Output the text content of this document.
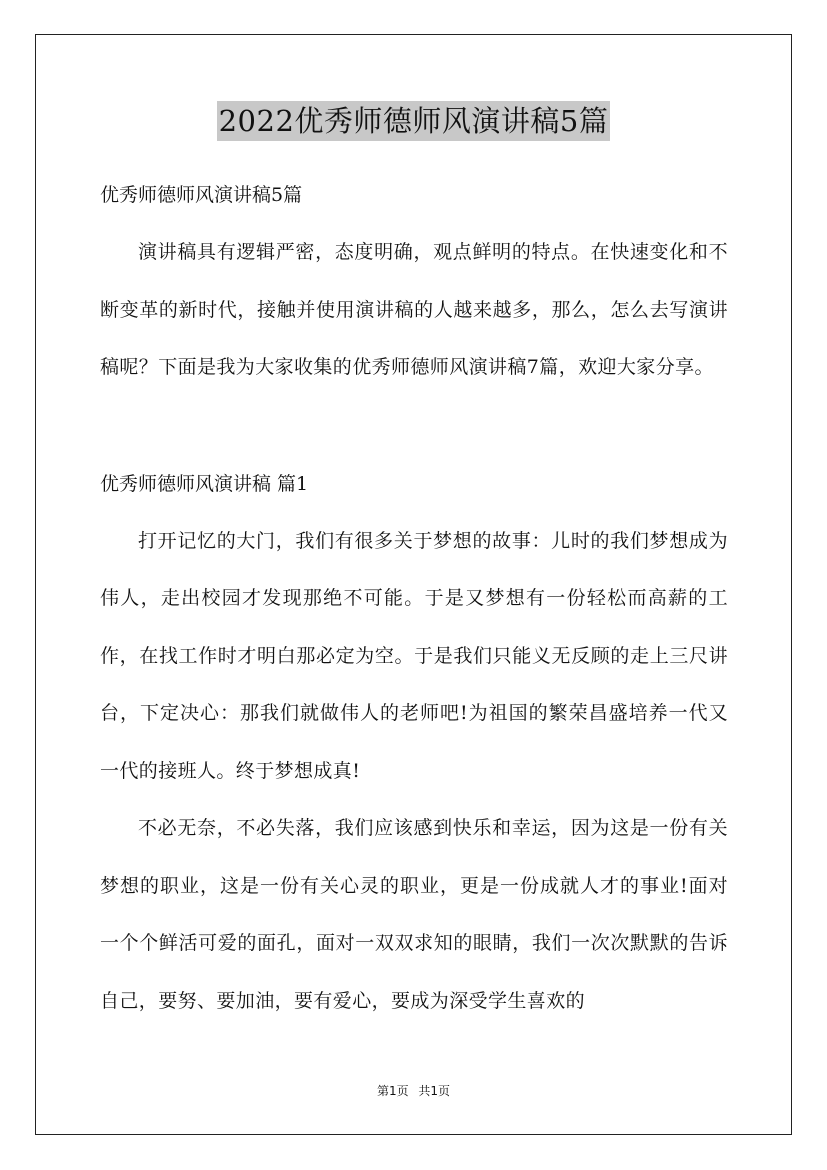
2022优秀师德师风演讲稿5篇

优秀师德师风演讲稿5篇

演讲稿具有逻辑严密，态度明确，观点鲜明的特点。在快速变化和不断变革的新时代，接触并使用演讲稿的人越来越多，那么，怎么去写演讲稿呢？下面是我为大家收集的优秀师德师风演讲稿7篇，欢迎大家分享。

优秀师德师风演讲稿 篇1

打开记忆的大门，我们有很多关于梦想的故事：儿时的我们梦想成为伟人，走出校园才发现那绝不可能。于是又梦想有一份轻松而高薪的工作，在找工作时才明白那必定为空。于是我们只能义无反顾的走上三尺讲台，下定决心：那我们就做伟人的老师吧!为祖国的繁荣昌盛培养一代又一代的接班人。终于梦想成真!

不必无奈，不必失落，我们应该感到快乐和幸运，因为这是一份有关梦想的职业，这是一份有关心灵的职业，更是一份成就人才的事业!面对一个个鲜活可爱的面孔，面对一双双求知的眼睛，我们一次次默默的告诉自己，要努、要加油，要有爱心，要成为深受学生喜欢的

第1页 共1页
